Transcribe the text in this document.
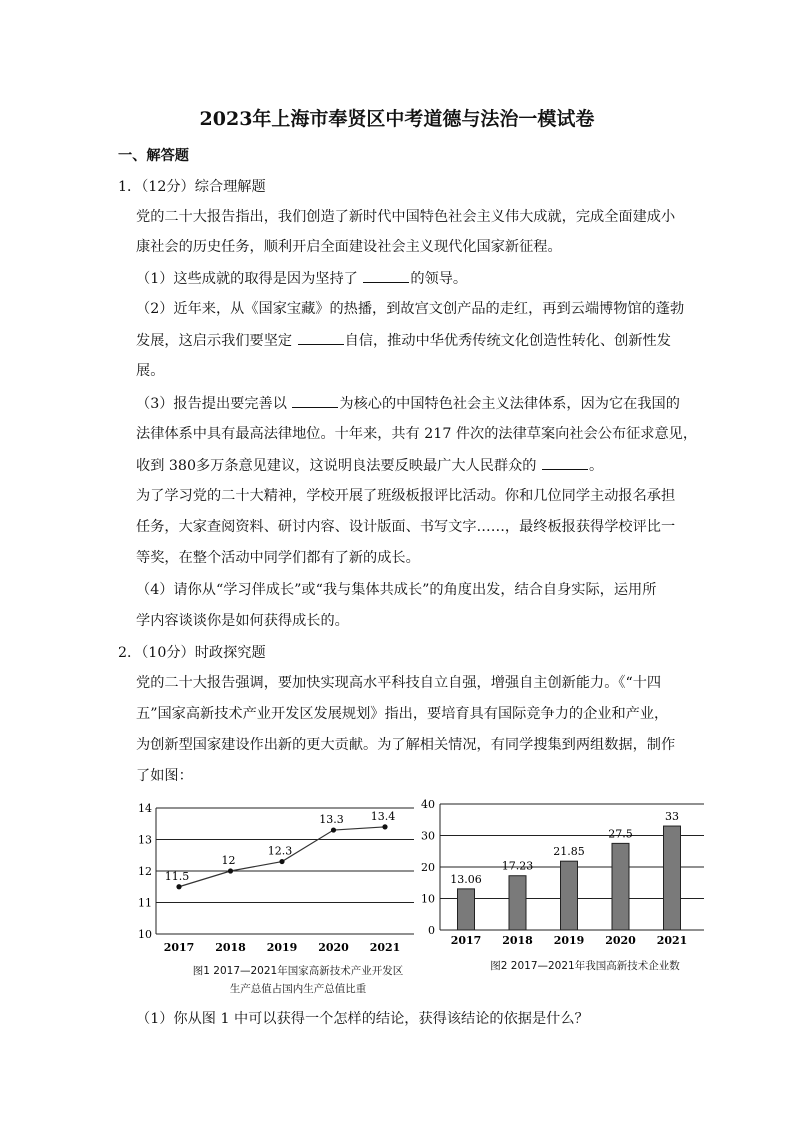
2023年上海市奉贤区中考道德与法治一模试卷
一、解答题
1．（12分）综合理解题
党的二十大报告指出，我们创造了新时代中国特色社会主义伟大成就，完成全面建成小
康社会的历史任务，顺利开启全面建设社会主义现代化国家新征程。
（1）这些成就的取得是因为坚持了	的领导。
（2）近年来，从《国家宝藏》的热播，到故宫文创产品的走红，再到云端博物馆的蓬勃
发展，这启示我们要坚定	自信，推动中华优秀传统文化创造性转化、创新性发
展。
（3）报告提出要完善以	为核心的中国特色社会主义法律体系，因为它在我国的
法律体系中具有最高法律地位。十年来，共有 217 件次的法律草案向社会公布征求意见，
收到 380多万条意见建议，这说明良法要反映最广大人民群众的	。
为了学习党的二十大精神，学校开展了班级板报评比活动。你和几位同学主动报名承担
任务，大家查阅资料、研讨内容、设计版面、书写文字……，最终板报获得学校评比一
等奖，在整个活动中同学们都有了新的成长。
（4）请你从“学习伴成长”或“我与集体共成长”的角度出发，结合自身实际，运用所
学内容谈谈你是如何获得成长的。
2．（10分）时政探究题
党的二十大报告强调，要加快实现高水平科技自立自强，增强自主创新能力。《“十四
五”国家高新技术产业开发区发展规划》指出，要培育具有国际竞争力的企业和产业，
为创新型国家建设作出新的更大贡献。为了解相关情况，有同学搜集到两组数据，制作
了如图：
10
11
12
13
14
2017 2018 2019 2020 2021
11.5
12
12.3
13.3 13.4
图1 2017—2021年国家高新技术产业开发区
生产总值占国内生产总值比重
0
10
20
30
40
13.06
17.23
21.85
27.5
33
2017 2018 2019 2020 2021
图2 2017—2021年我国高新技术企业数
（1）你从图 1 中可以获得一个怎样的结论，获得该结论的依据是什么？
